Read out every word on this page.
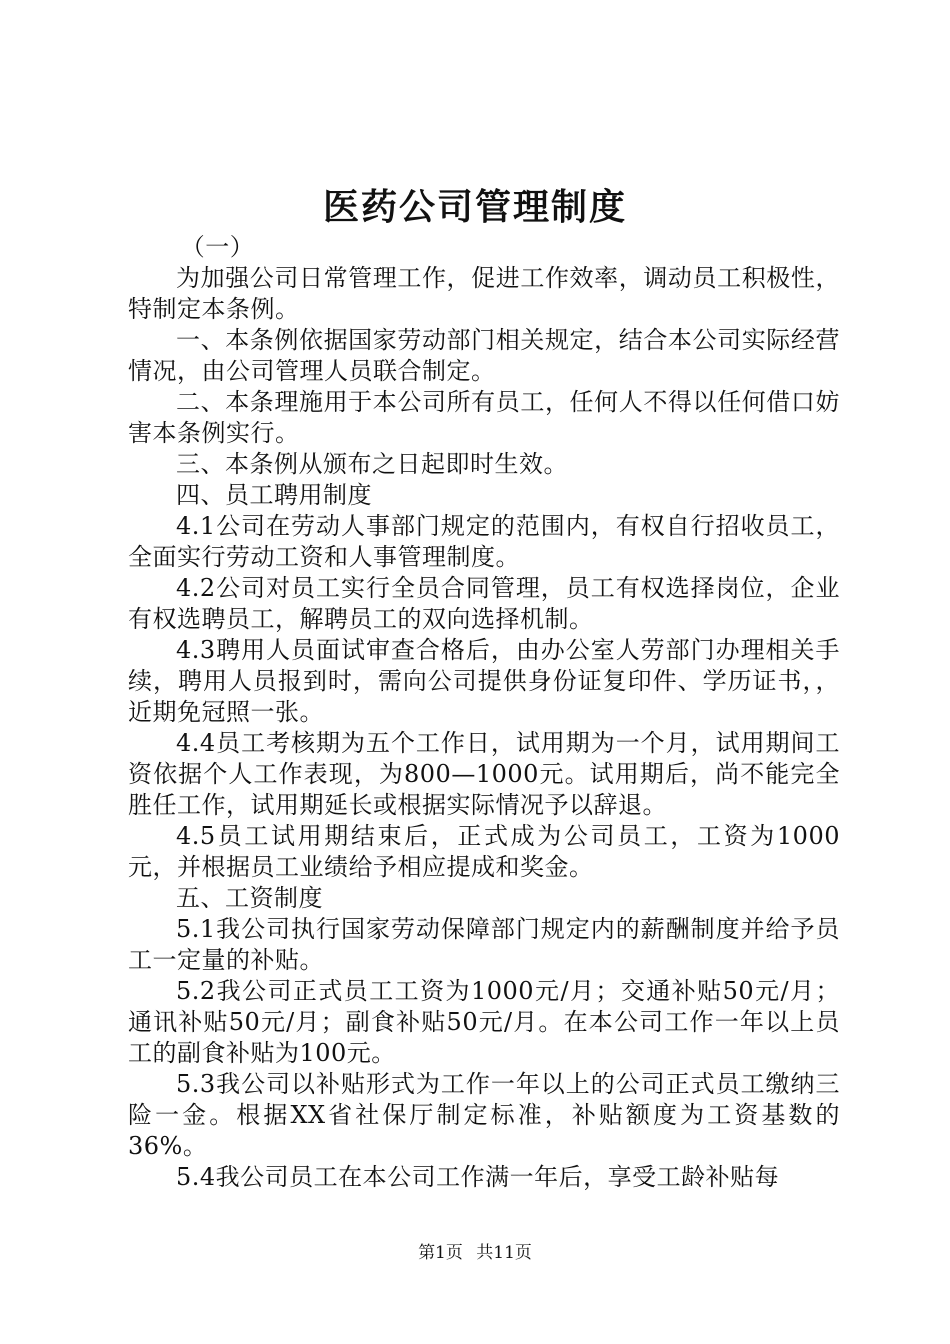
医药公司管理制度

（一）

为加强公司日常管理工作，促进工作效率，调动员工积极性，特制定本条例。

一、本条例依据国家劳动部门相关规定，结合本公司实际经营情况，由公司管理人员联合制定。

二、本条理施用于本公司所有员工，任何人不得以任何借口妨害本条例实行。

三、本条例从颁布之日起即时生效。

四、员工聘用制度

4.1公司在劳动人事部门规定的范围内，有权自行招收员工，全面实行劳动工资和人事管理制度。

4.2公司对员工实行全员合同管理，员工有权选择岗位，企业有权选聘员工，解聘员工的双向选择机制。

4.3聘用人员面试审查合格后，由办公室人劳部门办理相关手续，聘用人员报到时，需向公司提供身份证复印件、学历证书，，近期免冠照一张。

4.4员工考核期为五个工作日，试用期为一个月，试用期间工资依据个人工作表现，为800—1000元。试用期后，尚不能完全胜任工作，试用期延长或根据实际情况予以辞退。

4.5员工试用期结束后，正式成为公司员工，工资为1000元，并根据员工业绩给予相应提成和奖金。

五、工资制度

5.1我公司执行国家劳动保障部门规定内的薪酬制度并给予员工一定量的补贴。

5.2我公司正式员工工资为1000元/月；交通补贴50元/月；通讯补贴50元/月；副食补贴50元/月。在本公司工作一年以上员工的副食补贴为100元。

5.3我公司以补贴形式为工作一年以上的公司正式员工缴纳三险一金。根据XX省社保厅制定标准，补贴额度为工资基数的36%。

5.4我公司员工在本公司工作满一年后，享受工龄补贴每

第1页 共11页
